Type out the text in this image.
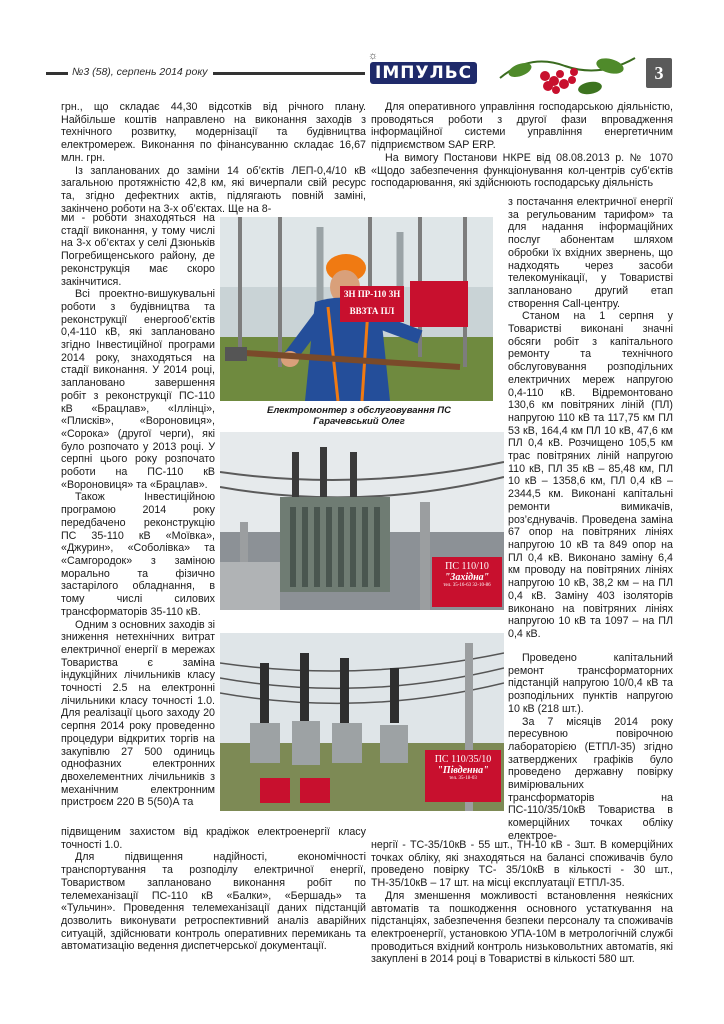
№3 (58), серпень 2014 року
☼
ІМПУЛЬС	3

грн., що складає 44,30 відсотків від річного плану. Найбільше коштів направлено на виконання заходів з технічного розвитку, модернізації та будівництва електромереж. Виконання по фінансуванню складає 16,67 млн. грн.

Із запланованих до заміни 14 об’єктів ЛЕП-0,4/10 кВ загальною протяжністю 42,8 км, які вичерпали свій ресурс та, згідно дефектних актів, підлягають повній заміні, закінчено роботи на 3-х об’єктах. Ще на 8-

ми - роботи знаходяться на стадії виконання, у тому числі на 3-х об’єктах у селі Дзюньків Погребищенського району, де реконструкція має скоро закінчитися.

Всі проектно-вишукувальні роботи з будівництва та реконструкції енергооб’єктів 0,4-110 кВ, які заплановано згідно Інвестиційної програми 2014 року, знаходяться на стадії виконання. У 2014 році, заплановано завершення робіт з реконструкції ПС-110 кВ «Брацлав», «Іллінці», «Плисків», «Вороновиця», «Сорока» (другої черги), які було розпочато у 2013 році. У серпні цього року розпочато роботи на ПС-110 кВ «Вороновиця» та «Брацлав».

Також Інвестиційною програмою 2014 року передбачено реконструкцію ПС 35-110 кВ «Моївка», «Джурин», «Соболівка» та «Самгородок» з заміною морально та фізично застарілого обладнання, в тому числі силових трансформаторів 35-110 кВ.

Одним з основних заходів зі зниження нетехнічних витрат електричної енергії в мережах Товариства є заміна індукційних лічильників класу точності 2.5 на електронні лічильники класу точності 1.0. Для реалізації цього заходу 20 серпня 2014 року проведенно процедури відкритих торгів на закупівлю 27 500 одиниць однофазних електронних двохелементних лічильників з механічним електронним пристроєм 220 В 5(50)А та

підвищеним захистом від крадіжок електроенергії класу точності 1.0.

Для підвищення надійності, економічності транспортування та розподілу електричної енергії, Товариством заплановано виконання робіт по телемеханізації ПС-110 кВ «Балки», «Бершадь» та «Тульчин». Проведення телемеханізації даних підстанцій дозволить виконувати ретроспективний аналіз аварійних ситуацій, здійснювати контроль оперативних перемикань та автоматизацію ведення диспетчерської документації.

Для оперативного управління господарською діяльністю, проводяться роботи з другої фази впровадження інформаційної системи управління енергетичним підприємством SAP ERP.

На вимогу Постанови НКРЕ від 08.08.2013 р. № 1070 «Щодо забезпечення функціонування кол-центрів суб’єктів господарювання, які здійснюють господарську діяльність

з постачання електричної енергії за регульованим тарифом» та для надання інформаційних послуг абонентам шляхом обробки їх вхідних звернень, що надходять через засоби телекомунікації, у Товаристві заплановано другий етап створення Call-центру.

Станом на 1 серпня у Товаристві виконані значні обсяги робіт з капітального ремонту та технічного обслуговування розподільних електричних мереж напругою 0,4-110 кВ. Відремонтовано 130,6 км повітряних ліній (ПЛ) напругою 110 кВ та 117,75 км ПЛ 53 кВ, 164,4 км ПЛ 10 кВ, 47,6 км ПЛ 0,4 кВ. Розчищено 105,5 км трас повітряних ліній напругою 110 кВ, ПЛ 35 кВ – 85,48 км, ПЛ 10 кВ – 1358,6 км, ПЛ 0,4 кВ – 2344,5 км. Виконані капітальні ремонти вимикачів, роз’єднувачів. Проведена заміна 67 опор на повітряних лініях напругою 10 кВ та 849 опор на ПЛ 0,4 кВ. Виконано заміну 6,4 км проводу на повітряних лініях напругою 10 кВ, 38,2 км – на ПЛ 0,4 кВ. Заміну 403 ізоляторів виконано на повітряних лініях напругою 10 кВ та 1097 – на ПЛ 0,4 кВ.

Проведено капітальний ремонт трансформаторних підстанцій напругою 10/0,4 кВ та розподільних пунктів напругою 10 кВ (218 шт.).

За 7 місяців 2014 року пересувною повірочною лабораторією (ЕТПЛ-35) згідно затверджених графіків було проведено державну повірку вимірювальних трансформаторів на ПС-110/35/10кВ Товариства в комерційних точках обліку електрое-

нергії - ТС-35/10кВ - 55 шт., ТН-10 кВ - 3шт. В комерційних точках обліку, які знаходяться на балансі споживачів було проведено повірку ТС- 35/10кВ в кількості - 30 шт., ТН-35/10кВ – 17 шт. на місці експлуатації ЕТПЛ-35.

Для зменшення можливості встановлення неякісних автоматів та пошкодження основного устаткування на підстанціях, забезпечення безпеки персоналу та споживачів електроенергії, установкою УПА-10М в метрологічній службі проводиться вхідний контроль низьковольтних автоматів, які закуплені в 2014 році в Товаристві в кількості 580 шт.

ЗН ПР-110 ЗН
ВВЗТА ПЛ
Електромонтер з обслуговування ПС Гарачевський Олег
ПС 110/10
"Західна"
тел. 35-16-63 32-10-86
ПС 110/35/10
"Південна"
тел. 35-18-03
